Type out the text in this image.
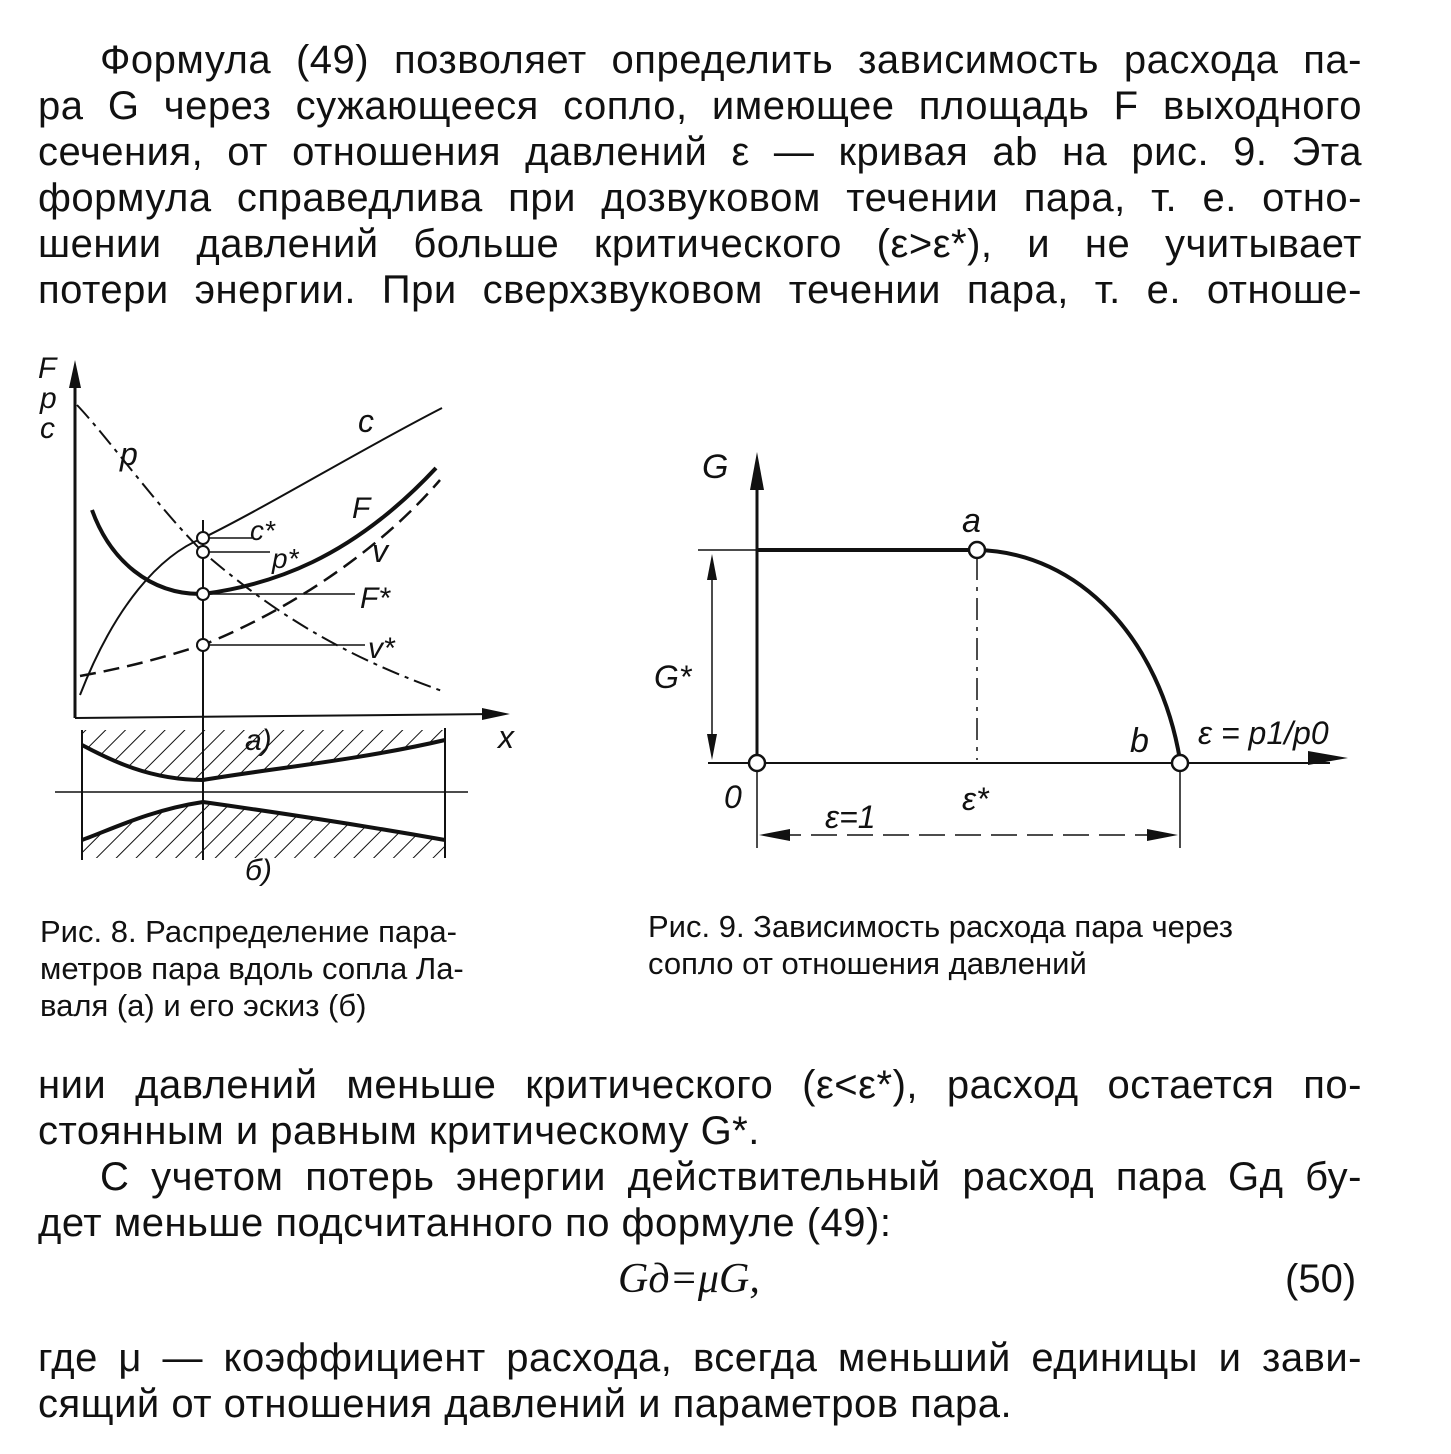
Формула (49) позволяет определить зависимость расхода па-
ра G через сужающееся сопло, имеющее площадь F выходного
сечения, от отношения давлений ε — кривая ab на рис. 9. Эта
формула справедлива при дозвуковом течении пара, т. е. отно-
шении давлений больше критического (ε>ε*), и не учитывает
потери энергии. При сверхзвуковом течении пара, т. е. отноше-
F
p
c
p
c
F
v
c*
p*
F*
v*
x
а)
б)
G
a
b ε = p1/p0
0
G*
ε*
ε=1
Рис. 8. Распределение пара-
метров пара вдоль сопла Ла-
валя (а) и его эскиз (б)
Рис. 9. Зависимость расхода пара через
сопло от отношения давлений
нии давлений меньше критического (ε<ε*), расход остается по-
стоянным и равным критическому G*.
С учетом потерь энергии действительный расход пара Gд бу-
дет меньше подсчитанного по формуле (49):
Gд=μG,	(50)
где μ — коэффициент расхода, всегда меньший единицы и зави-
сящий от отношения давлений и параметров пара.
